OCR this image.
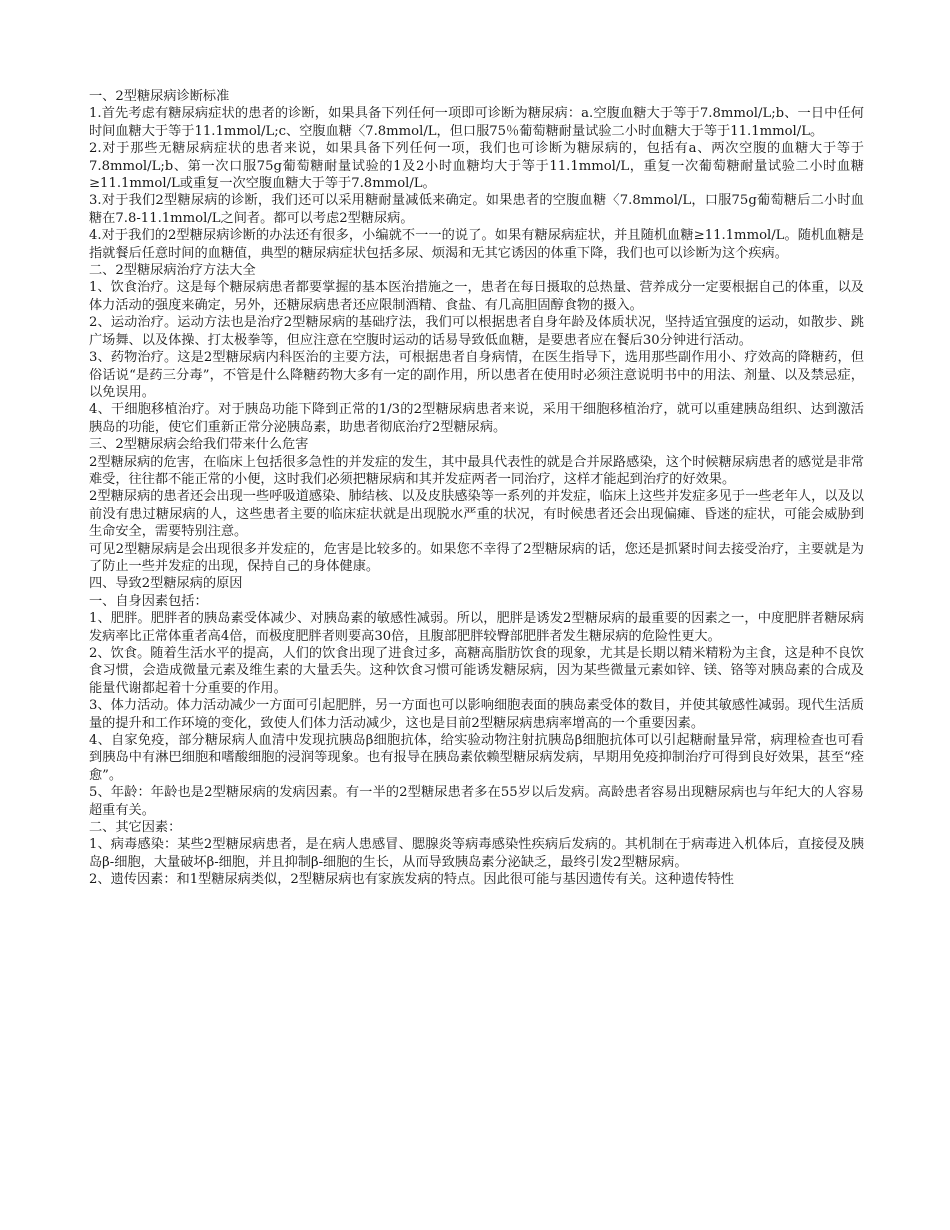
一、2型糖尿病诊断标准

1.首先考虑有糖尿病症状的患者的诊断，如果具备下列任何一项即可诊断为糖尿病：a.空腹血糖大于等于7.8mmol/L;b、一日中任何时间血糖大于等于11.1mmol/L;c、空腹血糖〈7.8mmol/L，但口服75％葡萄糖耐量试验二小时血糖大于等于11.1mmol/L。

2.对于那些无糖尿病症状的患者来说，如果具备下列任何一项，我们也可诊断为糖尿病的，包括有a、两次空腹的血糖大于等于7.8mmol/L;b、第一次口服75g葡萄糖耐量试验的1及2小时血糖均大于等于11.1mmol/L，重复一次葡萄糖耐量试验二小时血糖≥11.1mmol/L或重复一次空腹血糖大于等于7.8mmol/L。

3.对于我们2型糖尿病的诊断，我们还可以采用糖耐量减低来确定。如果患者的空腹血糖〈7.8mmol/L，口服75g葡萄糖后二小时血糖在7.8-11.1mmol/L之间者。都可以考虑2型糖尿病。

4.对于我们的2型糖尿病诊断的办法还有很多，小编就不一一的说了。如果有糖尿病症状，并且随机血糖≥11.1mmol/L。随机血糖是指就餐后任意时间的血糖值，典型的糖尿病症状包括多尿、烦渴和无其它诱因的体重下降，我们也可以诊断为这个疾病。

二、2型糖尿病治疗方法大全

1、饮食治疗。这是每个糖尿病患者都要掌握的基本医治措施之一，患者在每日摄取的总热量、营养成分一定要根据自己的体重，以及体力活动的强度来确定，另外，还糖尿病患者还应限制酒精、食盐、有几高胆固醇食物的摄入。

2、运动治疗。运动方法也是治疗2型糖尿病的基础疗法，我们可以根据患者自身年龄及体质状况，坚持适宜强度的运动，如散步、跳广场舞、以及体操、打太极拳等，但应注意在空腹时运动的话易导致低血糖，是要患者应在餐后30分钟进行活动。

3、药物治疗。这是2型糖尿病内科医治的主要方法，可根据患者自身病情，在医生指导下，选用那些副作用小、疗效高的降糖药，但俗话说“是药三分毒”，不管是什么降糖药物大多有一定的副作用，所以患者在使用时必须注意说明书中的用法、剂量、以及禁忌症，以免误用。

4、干细胞移植治疗。对于胰岛功能下降到正常的1/3的2型糖尿病患者来说，采用干细胞移植治疗，就可以重建胰岛组织、达到激活胰岛的功能，使它们重新正常分泌胰岛素，助患者彻底治疗2型糖尿病。

三、2型糖尿病会给我们带来什么危害

2型糖尿病的危害，在临床上包括很多急性的并发症的发生，其中最具代表性的就是合并尿路感染，这个时候糖尿病患者的感觉是非常难受，往往都不能正常的小便，这时我们必须把糖尿病和其并发症两者一同治疗，这样才能起到治疗的好效果。

2型糖尿病的患者还会出现一些呼吸道感染、肺结核、以及皮肤感染等一系列的并发症，临床上这些并发症多见于一些老年人，以及以前没有患过糖尿病的人，这些患者主要的临床症状就是出现脱水严重的状况，有时候患者还会出现偏瘫、昏迷的症状，可能会威胁到生命安全，需要特别注意。

可见2型糖尿病是会出现很多并发症的，危害是比较多的。如果您不幸得了2型糖尿病的话，您还是抓紧时间去接受治疗，主要就是为了防止一些并发症的出现，保持自己的身体健康。

四、导致2型糖尿病的原因

一、自身因素包括：

1、肥胖。肥胖者的胰岛素受体减少、对胰岛素的敏感性减弱。所以，肥胖是诱发2型糖尿病的最重要的因素之一，中度肥胖者糖尿病发病率比正常体重者高4倍，而极度肥胖者则要高30倍，且腹部肥胖较臀部肥胖者发生糖尿病的危险性更大。

2、饮食。随着生活水平的提高，人们的饮食出现了进食过多，高糖高脂肪饮食的现象，尤其是长期以精米精粉为主食，这是种不良饮食习惯，会造成微量元素及维生素的大量丢失。这种饮食习惯可能诱发糖尿病，因为某些微量元素如锌、镁、铬等对胰岛素的合成及能量代谢都起着十分重要的作用。

3、体力活动。体力活动减少一方面可引起肥胖，另一方面也可以影响细胞表面的胰岛素受体的数目，并使其敏感性减弱。现代生活质量的提升和工作环境的变化，致使人们体力活动减少，这也是目前2型糖尿病患病率增高的一个重要因素。

4、自家免疫，部分糖尿病人血清中发现抗胰岛β细胞抗体，给实验动物注射抗胰岛β细胞抗体可以引起糖耐量异常，病理检查也可看到胰岛中有淋巴细胞和嗜酸细胞的浸润等现象。也有报导在胰岛素依赖型糖尿病发病，早期用免疫抑制治疗可得到良好效果，甚至“痊愈”。

5、年龄：年龄也是2型糖尿病的发病因素。有一半的2型糖尿患者多在55岁以后发病。高龄患者容易出现糖尿病也与年纪大的人容易超重有关。

二、其它因素：

1、病毒感染：某些2型糖尿病患者，是在病人患感冒、腮腺炎等病毒感染性疾病后发病的。其机制在于病毒进入机体后，直接侵及胰岛β-细胞，大量破坏β-细胞，并且抑制β-细胞的生长，从而导致胰岛素分泌缺乏，最终引发2型糖尿病。

2、遗传因素：和1型糖尿病类似，2型糖尿病也有家族发病的特点。因此很可能与基因遗传有关。这种遗传特性
